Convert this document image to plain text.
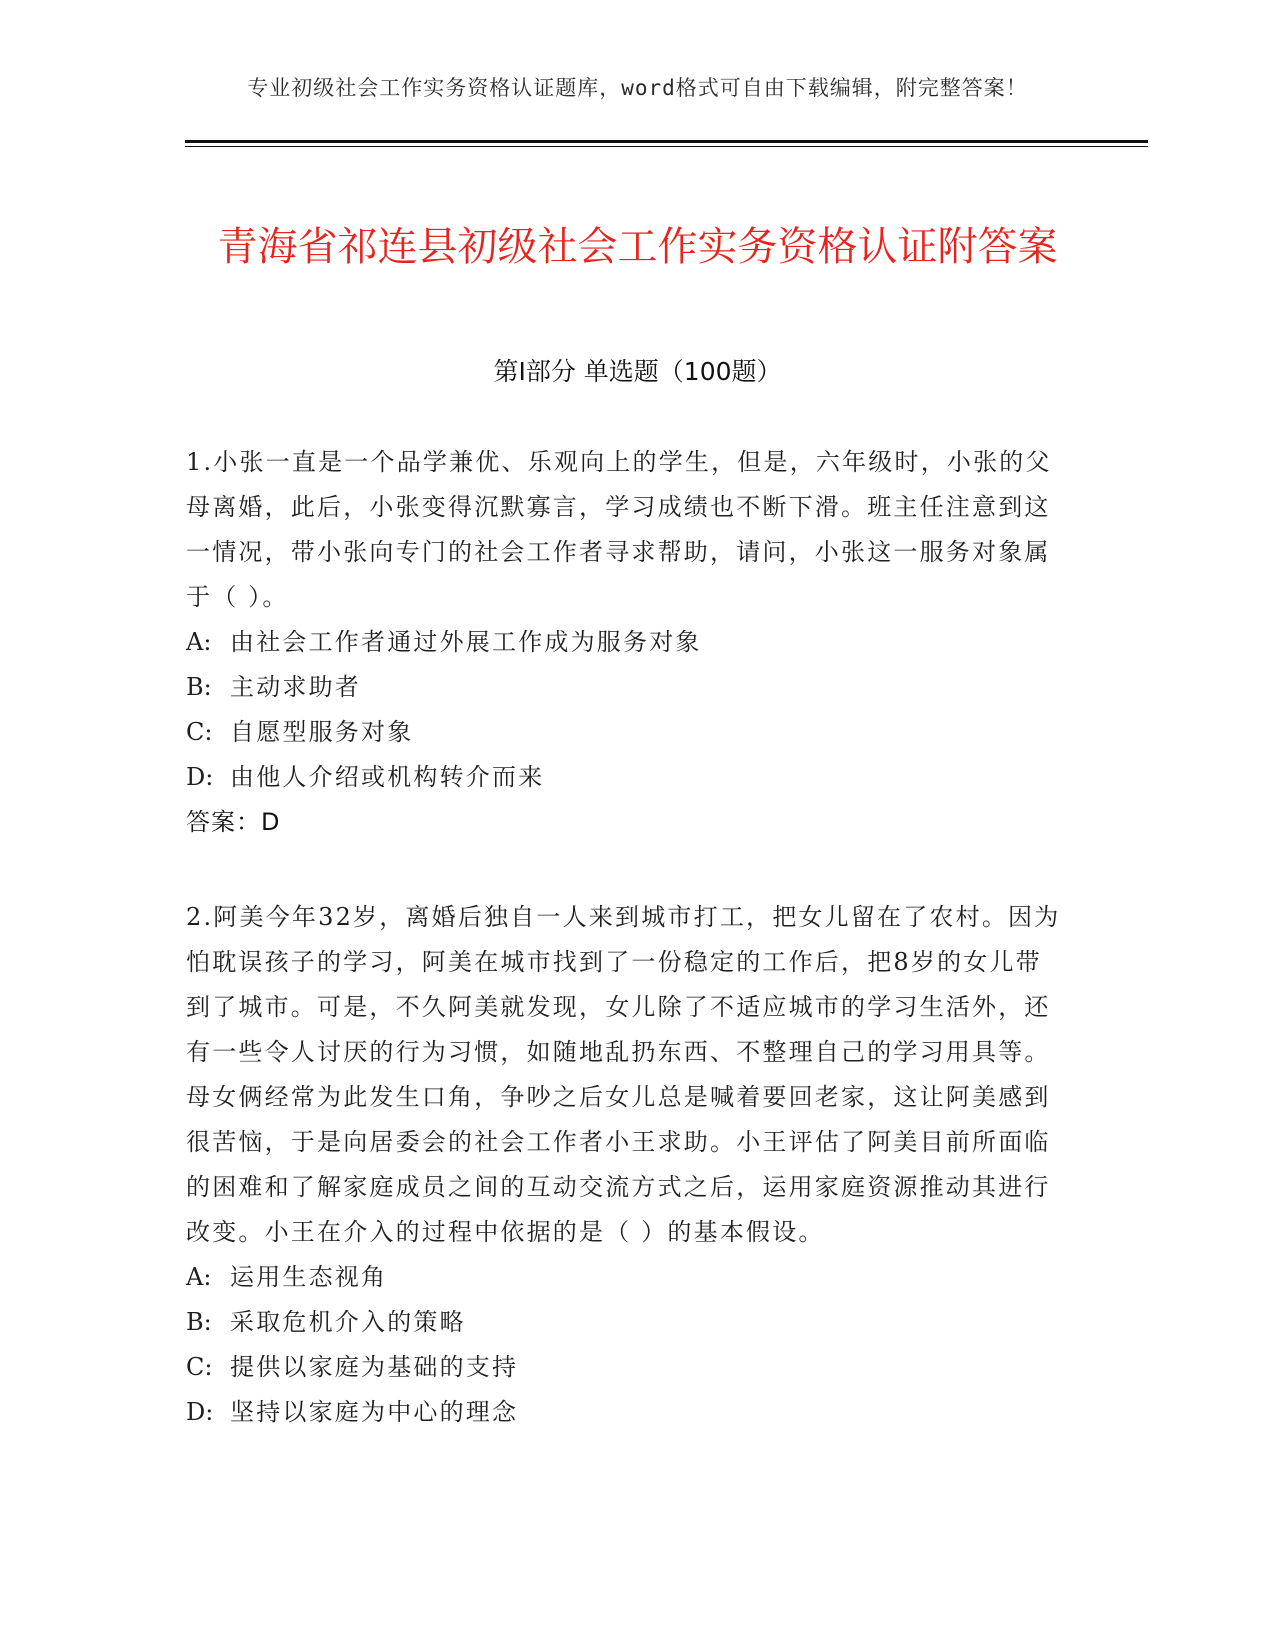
专业初级社会工作实务资格认证题库，word格式可自由下载编辑，附完整答案！
青海省祁连县初级社会工作实务资格认证附答案
第Ⅰ部分 单选题（100题）

1.小张一直是一个品学兼优、乐观向上的学生，但是，六年级时，小张的父母离婚，此后，小张变得沉默寡言，学习成绩也不断下滑。班主任注意到这一情况，带小张向专门的社会工作者寻求帮助，请问，小张这一服务对象属于（ ）。

A: 由社会工作者通过外展工作成为服务对象

B: 主动求助者

C: 自愿型服务对象

D: 由他人介绍或机构转介而来

答案：D

2.阿美今年32岁，离婚后独自一人来到城市打工，把女儿留在了农村。因为怕耽误孩子的学习，阿美在城市找到了一份稳定的工作后，把8岁的女儿带到了城市。可是，不久阿美就发现，女儿除了不适应城市的学习生活外，还有一些令人讨厌的行为习惯，如随地乱扔东西、不整理自己的学习用具等。母女俩经常为此发生口角，争吵之后女儿总是喊着要回老家，这让阿美感到很苦恼，于是向居委会的社会工作者小王求助。小王评估了阿美目前所面临的困难和了解家庭成员之间的互动交流方式之后，运用家庭资源推动其进行改变。小王在介入的过程中依据的是（ ）的基本假设。

A: 运用生态视角

B: 采取危机介入的策略

C: 提供以家庭为基础的支持

D: 坚持以家庭为中心的理念
